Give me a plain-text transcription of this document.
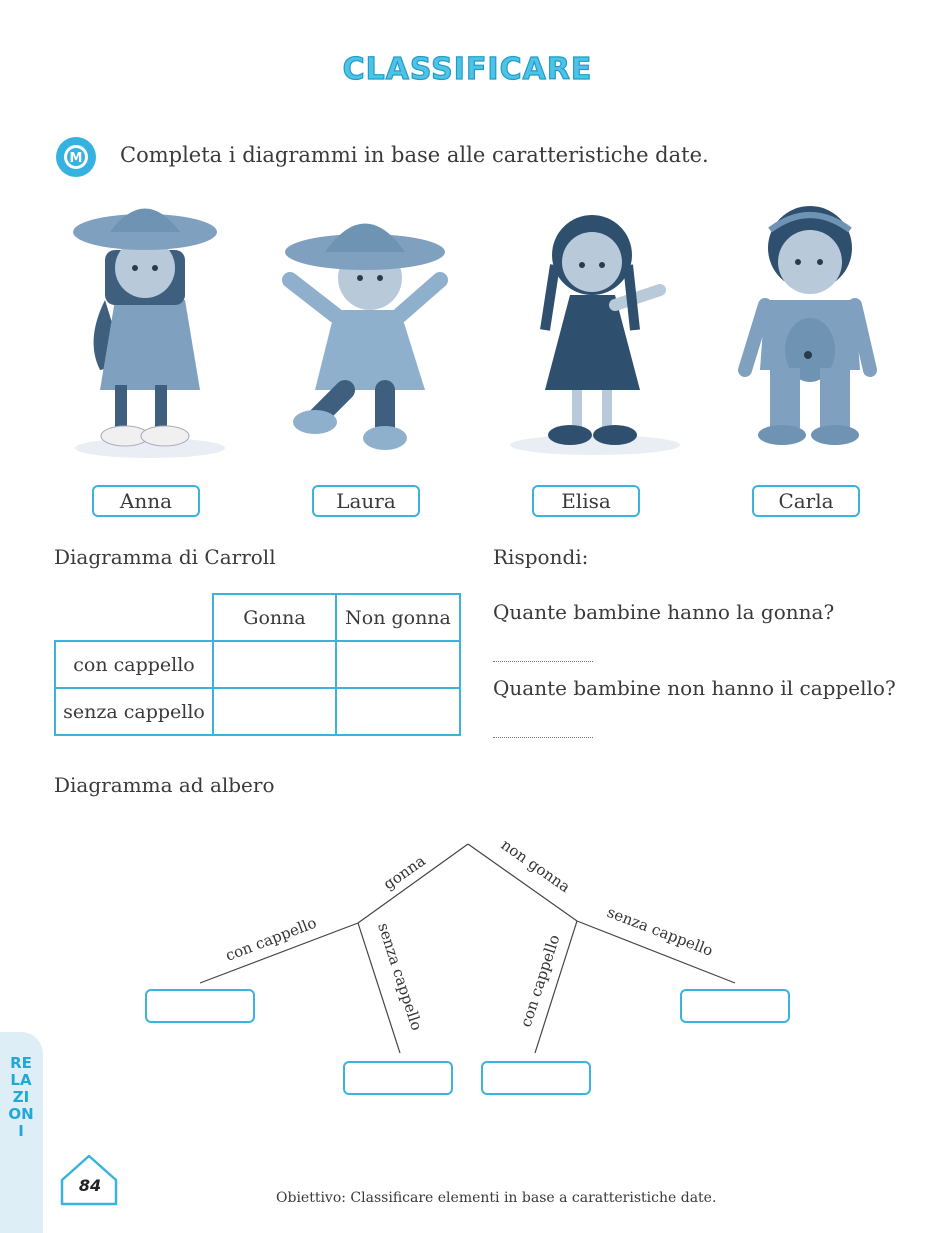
CLASSIFICARE
M Completa i diagrammi in base alle caratteristiche date.
Anna	Laura	Elisa	Carla
Diagramma di Carroll
	Gonna	Non gonna
con cappello		
senza cappello		
Rispondi:
Quante bambine hanno la gonna?
Quante bambine non hanno il cappello?
Diagramma ad albero
gonna	non gonna
con cappello	senza cappello	con cappello
senza cappello
RELAZIONI
84
Obiettivo: Classificare elementi in base a caratteristiche date.
